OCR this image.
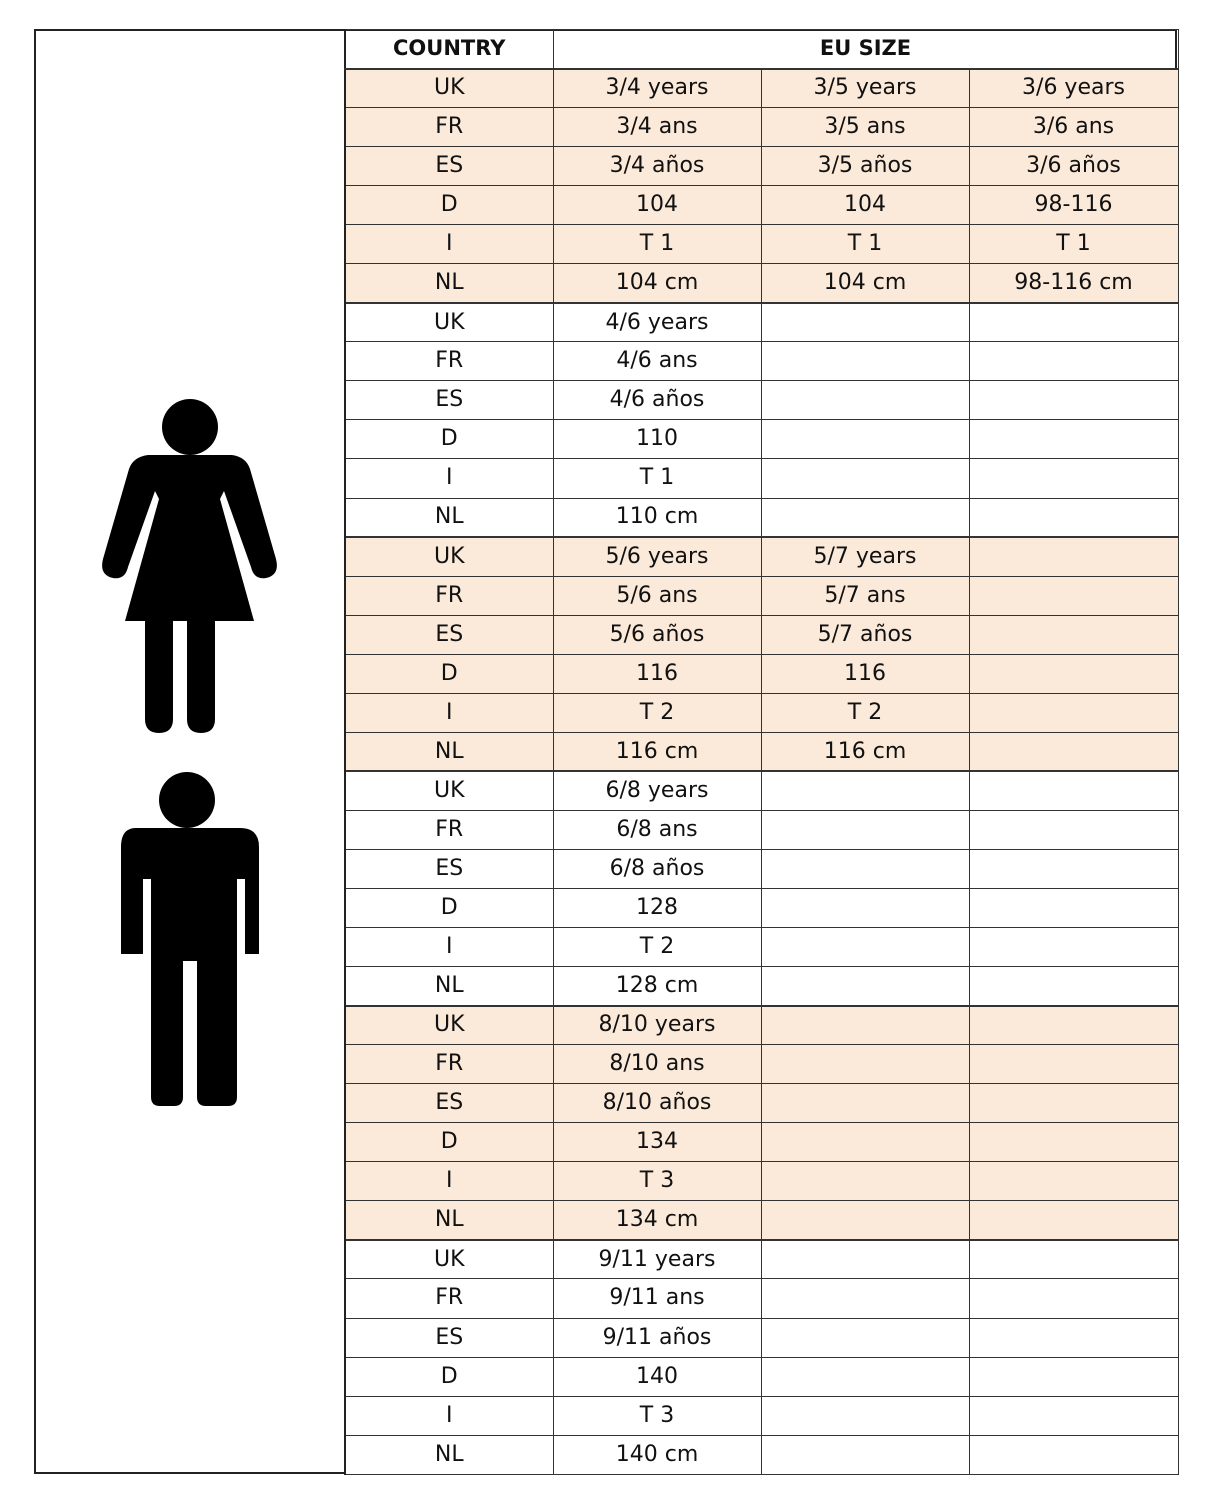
COUNTRY	EU SIZE		
UK	3/4 years	3/5 years	3/6 years
FR	3/4 ans	3/5 ans	3/6 ans
ES	3/4 años	3/5 años	3/6 años
D	104	104	98-116
I	T 1	T 1	T 1
NL	104 cm	104 cm	98-116 cm
UK	4/6 years		
FR	4/6 ans		
ES	4/6 años		
D	110		
I	T 1		
NL	110 cm		
UK	5/6 years	5/7 years	
FR	5/6 ans	5/7 ans	
ES	5/6 años	5/7 años	
D	116	116	
I	T 2	T 2	
NL	116 cm	116 cm	
UK	6/8 years		
FR	6/8 ans		
ES	6/8 años		
D	128		
I	T 2		
NL	128 cm		
UK	8/10 years		
FR	8/10 ans		
ES	8/10 años		
D	134		
I	T 3		
NL	134 cm		
UK	9/11 years		
FR	9/11 ans		
ES	9/11 años		
D	140		
I	T 3		
NL	140 cm		
